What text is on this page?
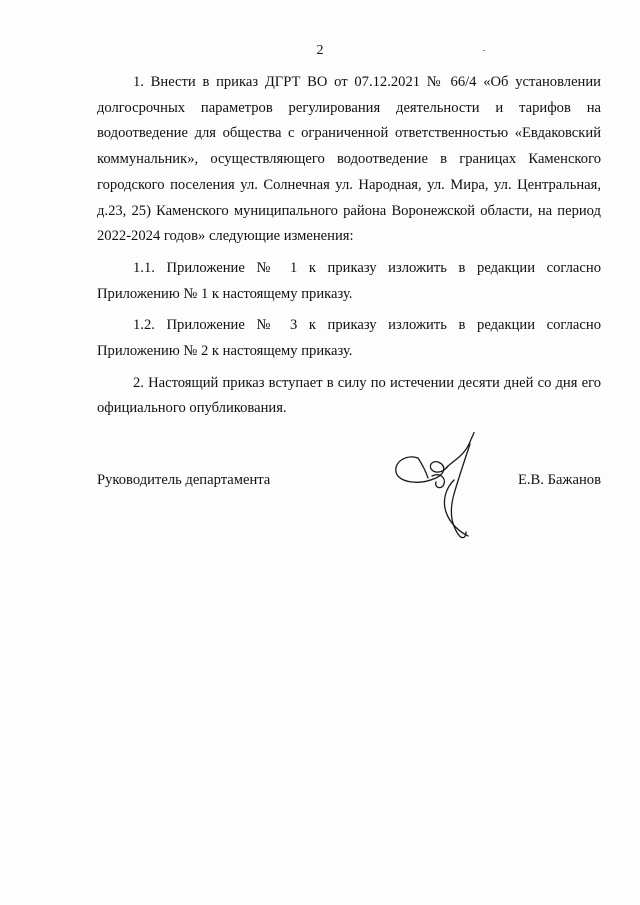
2

1. Внести в приказ ДГРТ ВО от 07.12.2021 № 66/4 «Об установлении долгосрочных параметров регулирования деятельности и тарифов на водоотведение для общества с ограниченной ответственностью «Евдаковский коммунальник», осуществляющего водоотведение в границах Каменского городского поселения ул. Солнечная ул. Народная, ул. Мира, ул. Центральная, д.23, 25) Каменского муниципального района Воронежской области, на период 2022-2024 годов» следующие изменения:

1.1. Приложение № 1 к приказу изложить в редакции согласно Приложению № 1 к настоящему приказу.

1.2. Приложение № 3 к приказу изложить в редакции согласно Приложению № 2 к настоящему приказу.

2. Настоящий приказ вступает в силу по истечении десяти дней со дня его официального опубликования.

Руководитель департамента	Е.В. Бажанов
